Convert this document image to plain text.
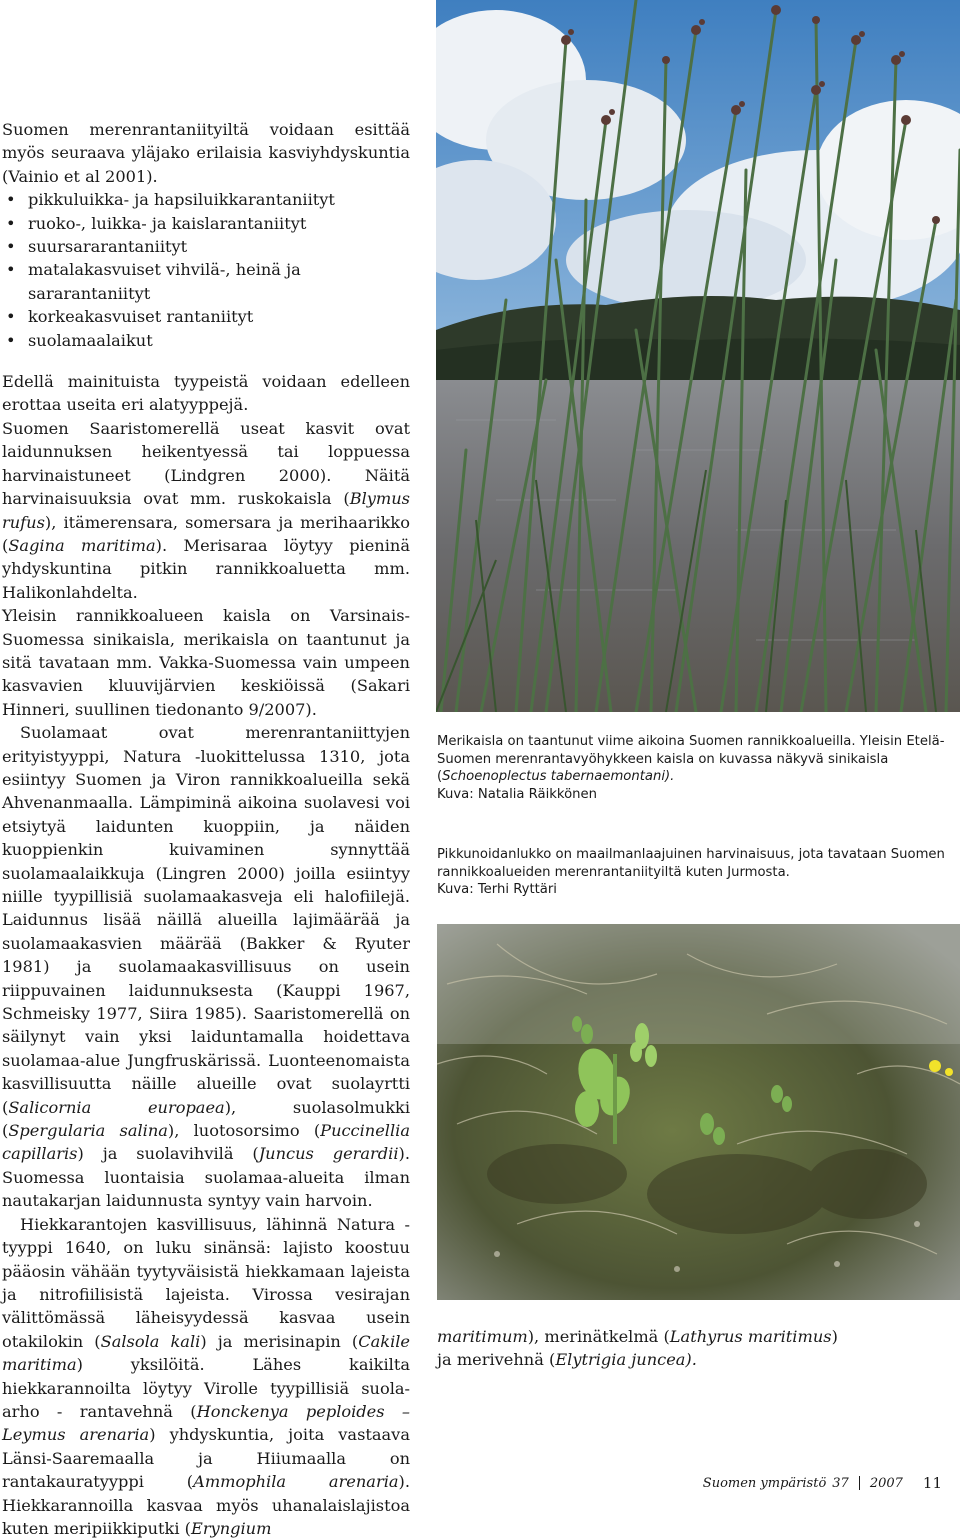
Suomen merenrantaniityiltä voidaan esittää myös seuraava yläjako erilaisia kasviyhdyskuntia (Vainio et al 2001).

• pikkuluikka- ja hapsiluikkarantaniityt
• ruoko-, luikka- ja kaislarantaniityt
• suursararantaniityt
• matalakasvuiset vihvilä-, heinä ja sararantaniityt
• korkeakasvuiset rantaniityt
• suolamaalaikut

Edellä mainituista tyypeistä voidaan edelleen erottaa useita eri alatyyppejä.

Suomen Saaristomerellä useat kasvit ovat laidunnuksen heikentyessä tai loppuessa harvinaistuneet (Lindgren 2000). Näitä harvinaisuuksia ovat mm. ruskokaisla (Blymus rufus), itämerensara, somersara ja merihaarikko (Sagina maritima). Merisaraa löytyy pieninä yhdyskuntina pitkin rannikkoaluetta mm. Halikonlahdelta.

Yleisin rannikkoalueen kaisla on Varsinais-Suomessa sinikaisla, merikaisla on taantunut ja sitä tavataan mm. Vakka-Suomessa vain umpeen kasvavien kluuvijärvien keskiöissä (Sakari Hinneri, suullinen tiedonanto 9/2007).

Suolamaat ovat merenrantaniittyjen erityistyyppi, Natura -luokittelussa 1310, jota esiintyy Suomen ja Viron rannikkoalueilla sekä Ahvenanmaalla. Lämpiminä aikoina suolavesi voi etsiytyä laidunten kuoppiin, ja näiden kuoppienkin kuivaminen synnyttää suolamaalaikkuja (Lingren 2000) joilla esiintyy niille tyypillisiä suolamaakasveja eli halofiilejä. Laidunnus lisää näillä alueilla lajimäärää ja suolamaakasvien määrää (Bakker & Ryuter 1981) ja suolamaakasvillisuus on usein riippuvainen laidunnuksesta (Kauppi 1967, Schmeisky 1977, Siira 1985). Saaristomerellä on säilynyt vain yksi laiduntamalla hoidettava suolamaa-alue Jungfruskärissä. Luonteenomaista kasvillisuutta näille alueille ovat suolayrtti (Salicornia europaea), suolasolmukki (Spergularia salina), luotosorsimo (Puccinellia capillaris) ja suolavihvilä (Juncus gerardii). Suomessa luontaisia suolamaa-alueita ilman nautakarjan laidunnusta syntyy vain harvoin.

Hiekkarantojen kasvillisuus, lähinnä Natura -tyyppi 1640, on luku sinänsä: lajisto koostuu pääosin vähään tyytyväisistä hiekkamaan lajeista ja nitrofiilisistä lajeista. Virossa vesirajan välittömässä läheisyydessä kasvaa usein otakilokin (Salsola kali) ja merisinapin (Cakile maritima) yksilöitä. Lähes kaikilta hiekkarannoilta löytyy Virolle tyypillisiä suola-arho - rantavehnä (Honckenya peploides –Leymus arenaria) yhdyskuntia, joita vastaava Länsi-Saaremaalla ja Hiiumaalla on rantakauratyyppi (Ammophila arenaria). Hiekkarannoilla kasvaa myös uhanalaislajistoa kuten meripiikkiputki (Eryngium

Merikaisla on taantunut viime aikoina Suomen rannikkoalueilla. Yleisin Etelä-Suomen merenrantavyöhykkeen kaisla on kuvassa näkyvä sinikaisla (Schoenoplectus tabernaemontani).

Kuva: Natalia Räikkönen

Pikkunoidanlukko on maailmanlaajuinen harvinaisuus, jota tavataan Suomen rannikkoalueiden merenrantaniityiltä kuten Jurmosta.

Kuva: Terhi Ryttäri

maritimum), merinätkelmä (Lathyrus maritimus) ja merivehnä (Elytrigia juncea).

Suomen ympäristö 37 2007 11
